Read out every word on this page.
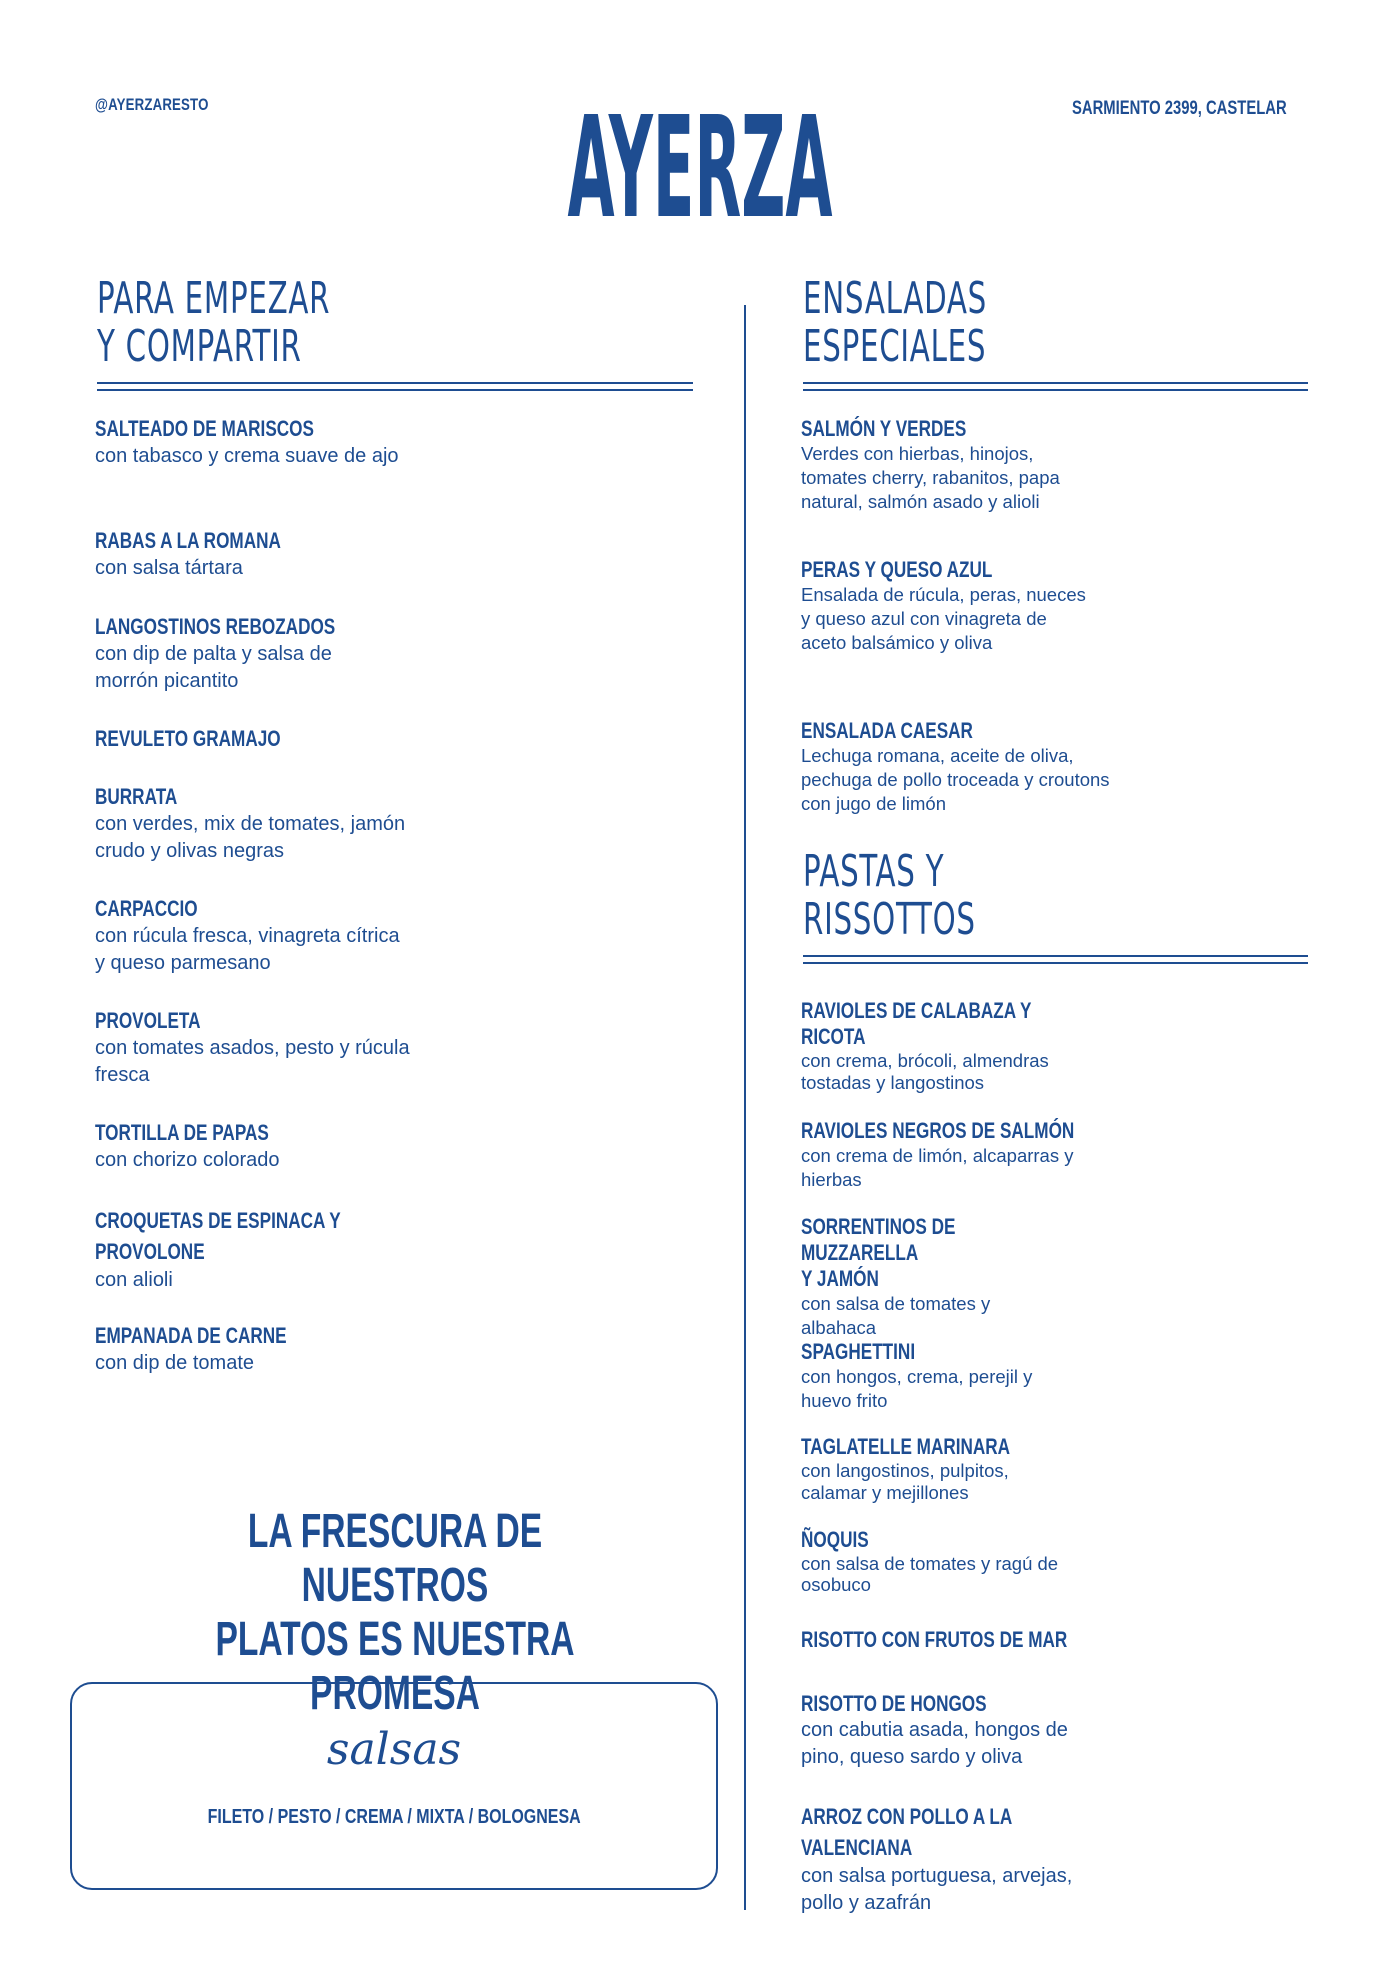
@AYERZARESTO	AYERZA	SARMIENTO 2399, CASTELAR
PARA EMPEZAR
Y COMPARTIR
SALTEADO DE MARISCOS
con tabasco y crema suave de ajo
RABAS A LA ROMANA
con salsa tártara
LANGOSTINOS REBOZADOS
con dip de palta y salsa de morrón picantito
REVULETO GRAMAJO
BURRATA
con verdes, mix de tomates, jamón crudo y olivas negras
CARPACCIO
con rúcula fresca, vinagreta cítrica y queso parmesano
PROVOLETA
con tomates asados, pesto y rúcula fresca
TORTILLA DE PAPAS
con chorizo colorado
CROQUETAS DE ESPINACA Y
PROVOLONE
con alioli
EMPANADA DE CARNE
con dip de tomate
ENSALADAS
ESPECIALES
SALMÓN Y VERDES
Verdes con hierbas, hinojos, tomates cherry, rabanitos, papa natural, salmón asado y alioli
PERAS Y QUESO AZUL
Ensalada de rúcula, peras, nueces y queso azul con vinagreta de aceto balsámico y oliva
ENSALADA CAESAR
Lechuga romana, aceite de oliva, pechuga de pollo troceada y croutons con jugo de limón
PASTAS Y
RISSOTTOS
RAVIOLES DE CALABAZA Y
RICOTA
con crema, brócoli, almendras tostadas y langostinos
RAVIOLES NEGROS DE SALMÓN
con crema de limón, alcaparras y hierbas
SORRENTINOS DE MUZZARELLA
Y JAMÓN
con salsa de tomates y albahaca
SPAGHETTINI
con hongos, crema, perejil y huevo frito
TAGLATELLE MARINARA
con langostinos, pulpitos, calamar y mejillones
ÑOQUIS
con salsa de tomates y ragú de osobuco
RISOTTO CON FRUTOS DE MAR
RISOTTO DE HONGOS
con cabutia asada, hongos de pino, queso sardo y oliva
ARROZ CON POLLO A LA
VALENCIANA
con salsa portuguesa, arvejas, pollo y azafrán
LA FRESCURA DE NUESTROS
PLATOS ES NUESTRA PROMESA
salsas
FILETO / PESTO / CREMA / MIXTA / BOLOGNESA
